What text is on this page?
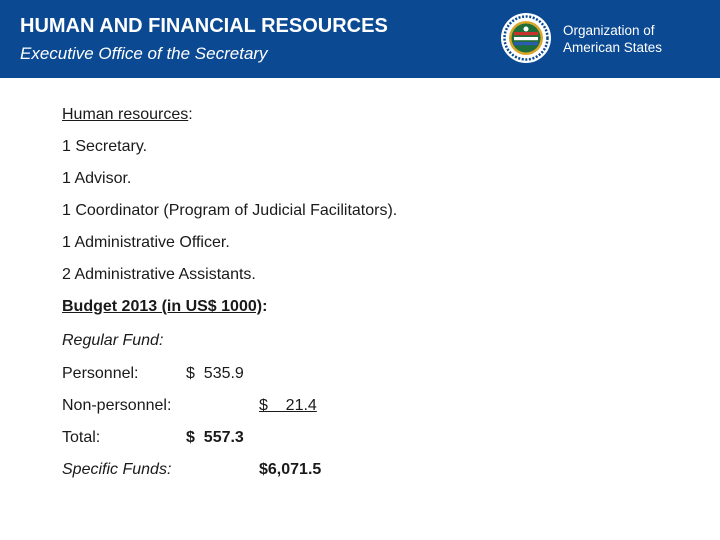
HUMAN AND FINANCIAL RESOURCES
Executive Office of the Secretary
Organization of
American States
Human resources:
1 Secretary.
1 Advisor.
1 Coordinator (Program of Judicial Facilitators).
1 Administrative Officer.
2 Administrative Assistants.
Budget 2013 (in US$ 1000):
Regular Fund:
Personnel:	$  535.9
Non-personnel:	$    21.4
Total:	$  557.3
Specific Funds:	$6,071.5
